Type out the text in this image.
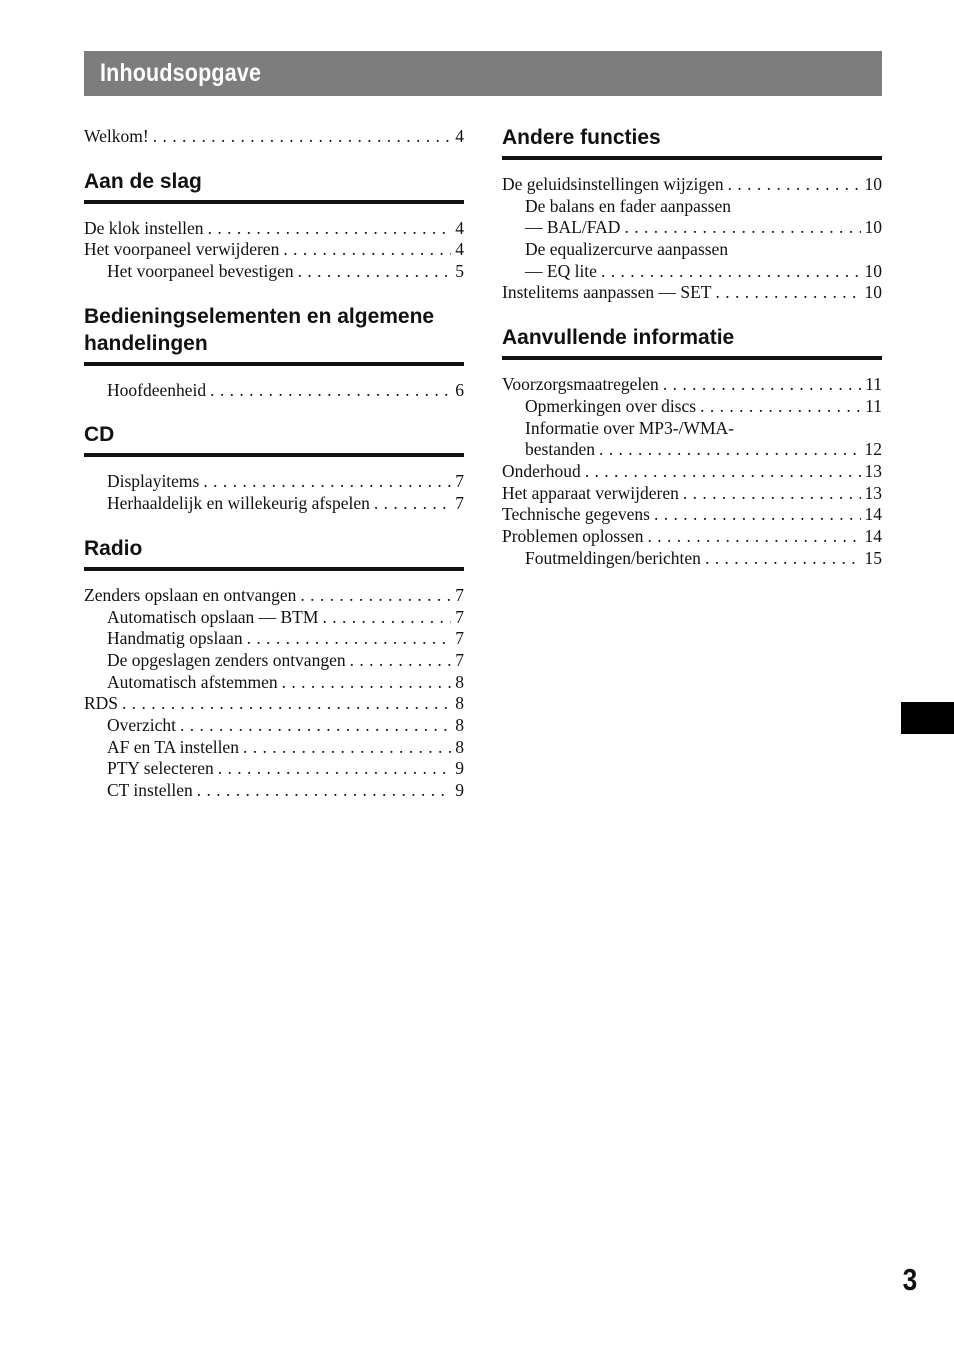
Inhoudsopgave
Welkom! . . .	4
Aan de slag
De klok instellen . . .	4
Het voorpaneel verwijderen . . .	4
Het voorpaneel bevestigen . . .	5
Bedieningselementen en algemene handelingen
Hoofdeenheid . . .	6
CD
Displayitems . . .	7
Herhaaldelijk en willekeurig afspelen . . .	7
Radio
Zenders opslaan en ontvangen . . .	7
Automatisch opslaan — BTM . . .	7
Handmatig opslaan . . .	7
De opgeslagen zenders ontvangen . . .	7
Automatisch afstemmen . . .	8
RDS . . .	8
Overzicht . . .	8
AF en TA instellen . . .	8
PTY selecteren . . .	9
CT instellen . . .	9
Andere functies
De geluidsinstellingen wijzigen . . .	10
De balans en fader aanpassen
— BAL/FAD . . .	10
De equalizercurve aanpassen
— EQ lite . . .	10
Instelitems aanpassen — SET . . .	10
Aanvullende informatie
Voorzorgsmaatregelen . . .	11
Opmerkingen over discs . . .	11
Informatie over MP3-/WMA-
bestanden . . .	12
Onderhoud . . .	13
Het apparaat verwijderen . . .	13
Technische gegevens . . .	14
Problemen oplossen . . .	14
Foutmeldingen/berichten . . .	15
3
